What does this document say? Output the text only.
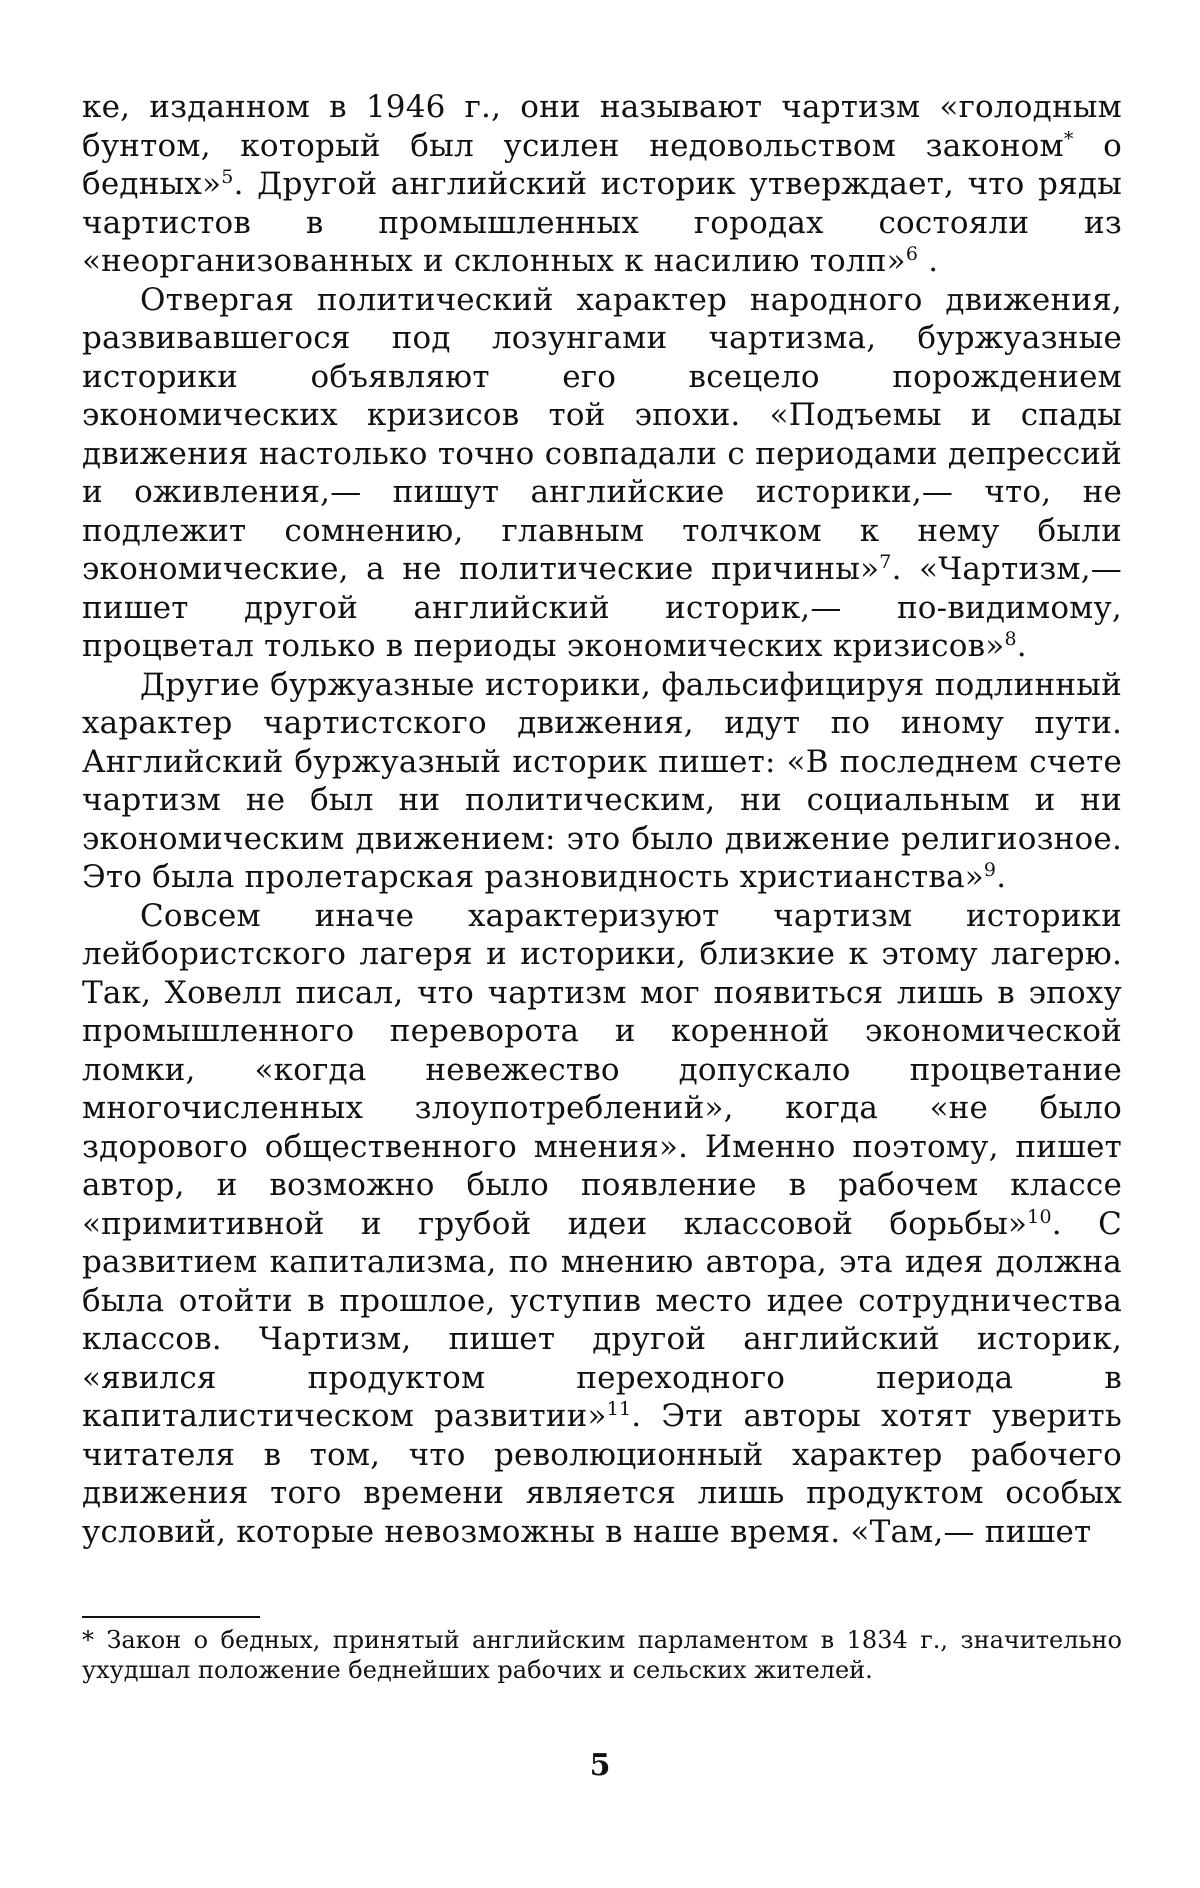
ке, изданном в 1946 г., они называют чартизм «голодным бунтом, который был усилен недовольством законом* о бедных»$^5$. Другой английский историк утверждает, что ряды чартистов в промышленных городах состояли из «неорганизованных и склонных к насилию толп»$^6$ .

Отвергая политический характер народного движения, развивавшегося под лозунгами чартизма, буржуазные историки объявляют его всецело порождением экономических кризисов той эпохи. «Подъемы и спады движения настолько точно совпадали с периодами депрессий и оживления,— пишут английские историки,— что, не подлежит сомнению, главным толчком к нему были экономические, а не политические причины»$^7$. «Чартизм,— пишет другой английский историк,— по-видимому, процветал только в периоды экономических кризисов»$^8$.

Другие буржуазные историки, фальсифицируя подлинный характер чартистского движения, идут по иному пути. Английский буржуазный историк пишет: «В последнем счете чартизм не был ни политическим, ни социальным и ни экономическим движением: это было движение религиозное. Это была пролетарская разновидность христианства»$^9$.

Совсем иначе характеризуют чартизм историки лейбористского лагеря и историки, близкие к этому лагерю. Так, Ховелл писал, что чартизм мог появиться лишь в эпоху промышленного переворота и коренной экономической ломки, «когда невежество допускало процветание многочисленных злоупотреблений», когда «не было здорового общественного мнения». Именно поэтому, пишет автор, и возможно было появление в рабочем классе «примитивной и грубой идеи классовой борьбы»$^{10}$. С развитием капитализма, по мнению автора, эта идея должна была отойти в прошлое, уступив место идее сотрудничества классов. Чартизм, пишет другой английский историк, «явился продуктом переходного периода в капиталистическом развитии»$^{11}$. Эти авторы хотят уверить читателя в том, что революционный характер рабочего движения того времени является лишь продуктом особых условий, которые невозможны в наше время. «Там,— пишет

* Закон о бедных, принятый английским парламентом в 1834 г., значительно ухудшал положение беднейших рабочих и сельских жителей.

5
